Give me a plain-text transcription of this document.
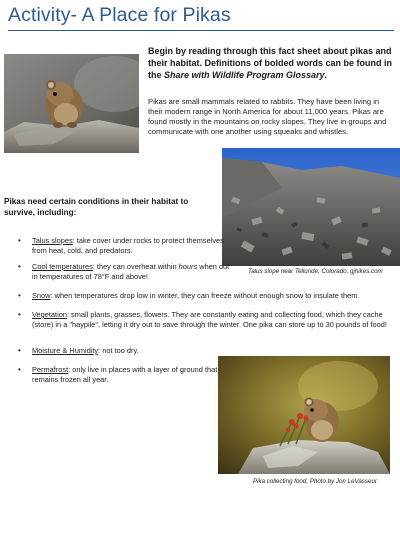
Activity- A Place for Pikas
Begin by reading through this fact sheet about pikas and their habitat. Definitions of bolded words can be found in the Share with Wildlife Program Glossary.
Pikas are small mammals related to rabbits. They have been living in their modern range in North America for about 11,000 years. Pikas are found mostly in the mountains on rocky slopes. They live in groups and communicate with one another using squeaks and whistles.
Talus slope near Telluride, Colorado, gjhikes.com
Pikas need certain conditions in their habitat to survive, including:
•	Talus slopes: take cover under rocks to protect themselves from heat, cold, and predators.
•	Cool temperatures: they can overheat within hours when out in temperatures of 78°F and above!
•	Snow: when temperatures drop low in winter, they can freeze without enough snow to insulate them.
•	Vegetation: small plants, grasses, flowers. They are constantly eating and collecting food, which they cache (store) in a "haypile", letting it dry out to save through the winter. One pika can store up to 30 pounds of food!
•	Moisture & Humidity: not too dry.
•	Permafrost: only live in places with a layer of ground that remains frozen all year.
Pika collecting food, Photo by Jon LeVasseur
